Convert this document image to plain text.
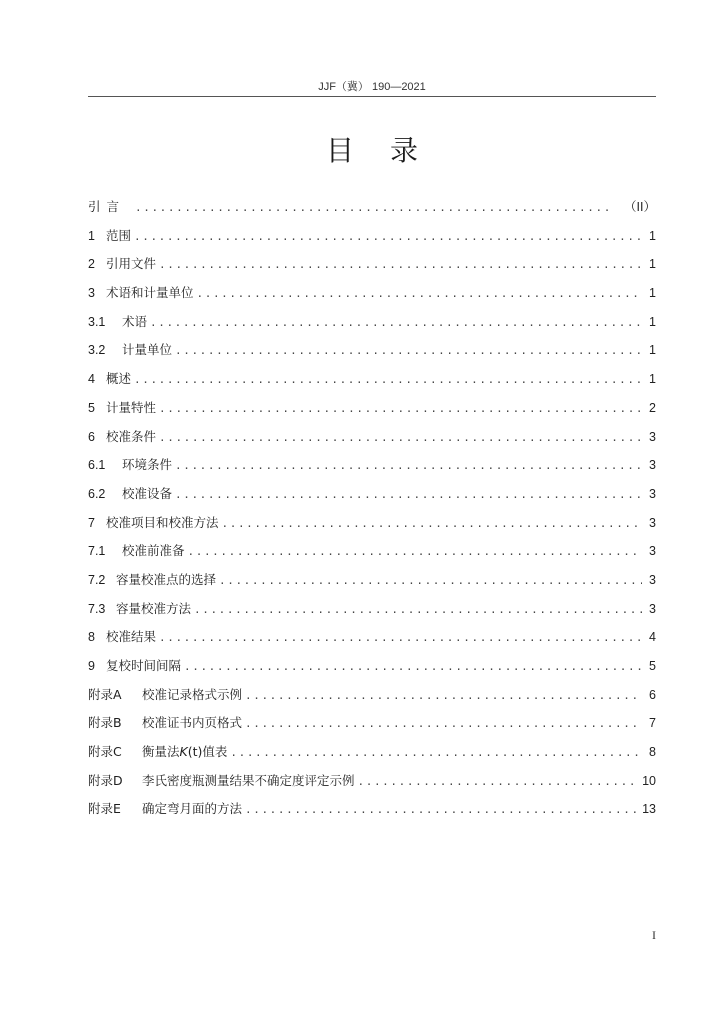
JJF（冀） 190—2021
目录
引言 .....	（II）
1 范围 .....	1
2 引用文件 .....	1
3 术语和计量单位 .....	1
3.1 术语 .....	1
3.2 计量单位 .....	1
4 概述 .....	1
5 计量特性 .....	2
6 校准条件 .....	3
6.1 环境条件 .....	3
6.2 校准设备 .....	3
7 校准项目和校准方法 .....	3
7.1 校准前准备 .....	3
7.2 容量校准点的选择 .....	3
7.3 容量校准方法 .....	3
8 校准结果 .....	4
9 复校时间间隔 .....	5
附录A 校准记录格式示例 .....	6
附录B 校准证书内页格式 .....	7
附录C 衡量法K(t)值表 .....	8
附录D 李氏密度瓶测量结果不确定度评定示例 .....	10
附录E 确定弯月面的方法 .....	13
I
